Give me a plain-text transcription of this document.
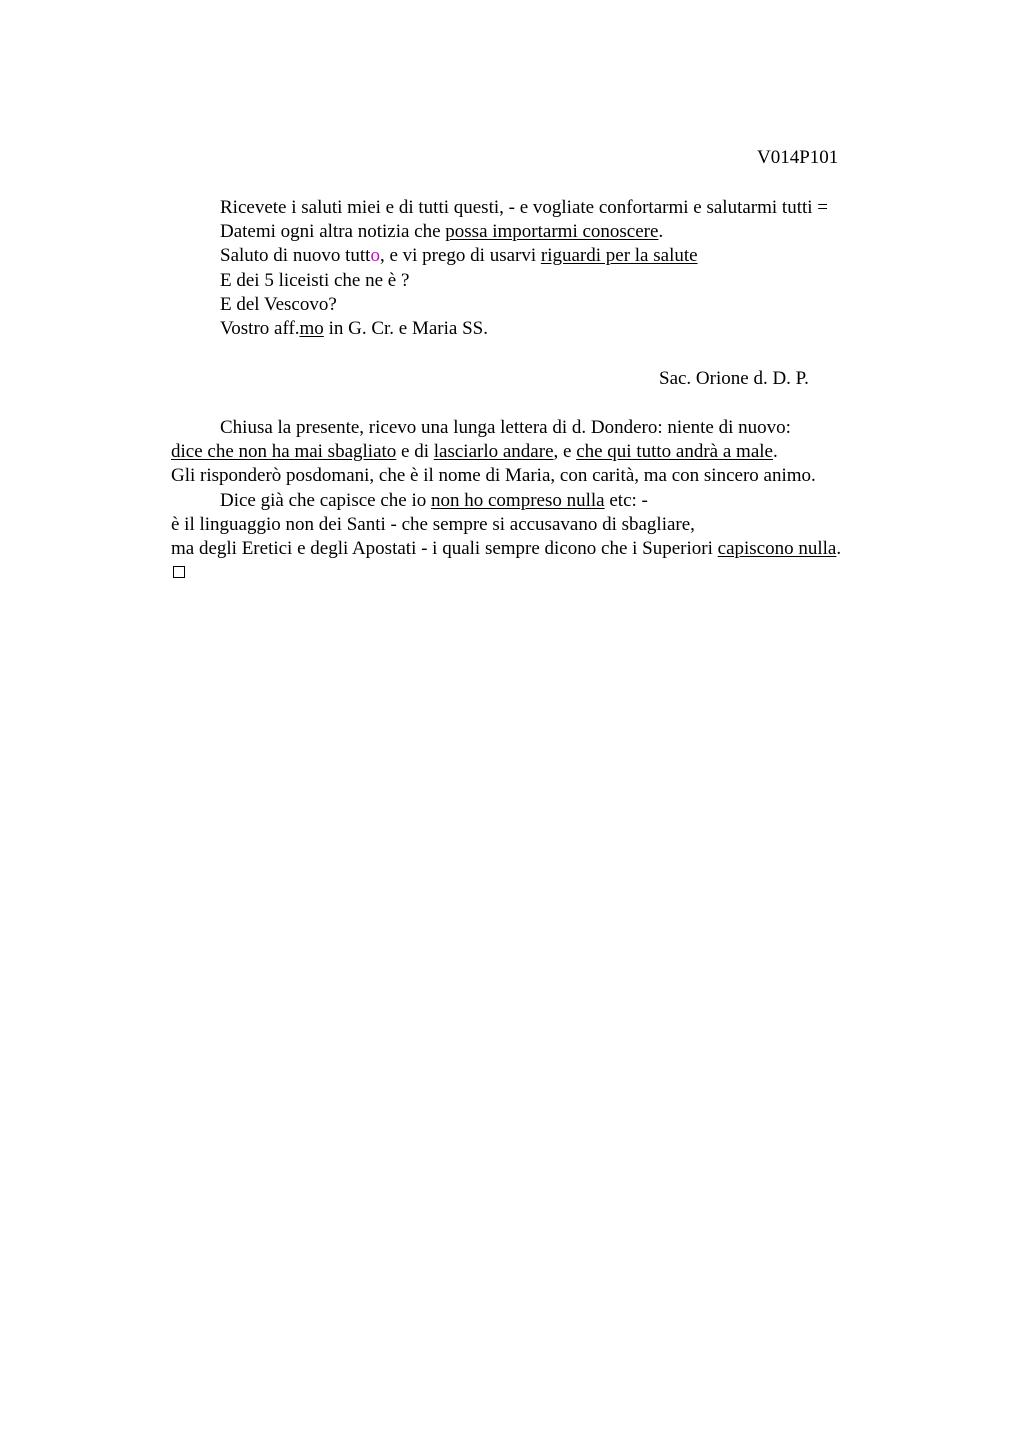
V014P101
Ricevete i saluti miei e di tutti questi, - e vogliate confortarmi e salutarmi tutti =
Datemi ogni altra notizia che possa importarmi conoscere.
Saluto di nuovo tutto, e vi prego di usarvi riguardi per la salute
E dei 5 liceisti che ne è ?
E del Vescovo?
Vostro aff.mo in G. Cr. e Maria SS.
Sac. Orione d. D. P.
Chiusa la presente, ricevo una lunga lettera di d. Dondero: niente di nuovo:
dice che non ha mai sbagliato e di lasciarlo andare, e che qui tutto andrà a male.
Gli risponderò posdomani, che è il nome di Maria, con carità, ma con sincero animo.
Dice già che capisce che io non ho compreso nulla etc: -
è il linguaggio non dei Santi - che sempre si accusavano di sbagliare,
ma degli Eretici e degli Apostati - i quali sempre dicono che i Superiori capiscono nulla.
